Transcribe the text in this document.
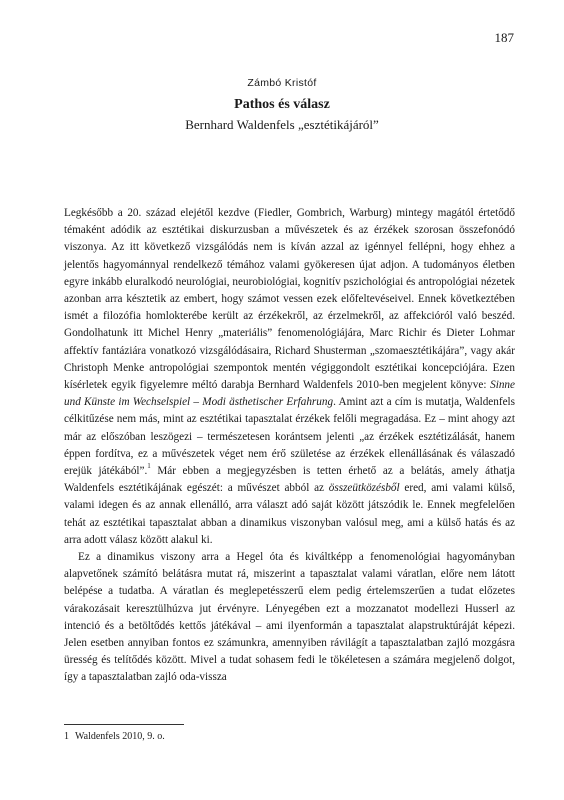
187
Zámbó Kristóf
Pathos és válasz
Bernhard Waldenfels „esztétikájáról”

Legkésőbb a 20. század elejétől kezdve (Fiedler, Gombrich, Warburg) mintegy magától értetődő témaként adódik az esztétikai diskurzusban a művészetek és az érzékek szorosan összefonódó viszonya. Az itt következő vizsgálódás nem is kíván azzal az igénnyel fellépni, hogy ehhez a jelentős hagyománnyal rendelkező témához valami gyökeresen újat adjon. A tudományos életben egyre inkább eluralkodó neurológiai, neurobiológiai, kognitív pszichológiai és antropológiai nézetek azonban arra késztetik az embert, hogy számot vessen ezek előfeltevéseivel. Ennek következtében ismét a filozófia homlokterébe került az érzékekről, az érzelmekről, az affekcióról való beszéd. Gondolhatunk itt Michel Henry „materiális” fenomenológiájára, Marc Richir és Dieter Lohmar affektív fantáziára vonatkozó vizsgálódásaira, Richard Shusterman „szomaesztétikájára”, vagy akár Christoph Menke antropológiai szempontok mentén végiggondolt esztétikai koncepciójára. Ezen kísérletek egyik figyelemre méltó darabja Bernhard Waldenfels 2010-ben megjelent könyve: Sinne und Künste im Wechselspiel – Modi ästhetischer Erfahrung. Amint azt a cím is mutatja, Waldenfels célkitűzése nem más, mint az esztétikai tapasztalat érzékek felőli megragadása. Ez – mint ahogy azt már az előszóban leszögezi – természetesen korántsem jelenti „az érzékek esztétizálását, hanem éppen fordítva, ez a művészetek véget nem érő születése az érzékek ellenállásának és válaszadó erejük játékából”.$^1$ Már ebben a megjegyzésben is tetten érhető az a belátás, amely áthatja Waldenfels esztétikájának egészét: a művészet abból az összeütközésből ered, ami valami külső, valami idegen és az annak ellenálló, arra választ adó saját között játszódik le. Ennek megfelelően tehát az esztétikai tapasztalat abban a dinamikus viszonyban valósul meg, ami a külső hatás és az arra adott válasz között alakul ki.

Ez a dinamikus viszony arra a Hegel óta és kiváltképp a fenomenológiai hagyományban alapvetőnek számító belátásra mutat rá, miszerint a tapasztalat valami váratlan, előre nem látott belépése a tudatba. A váratlan és meglepetésszerű elem pedig értelemszerűen a tudat előzetes várakozásait keresztülhúzva jut érvényre. Lényegében ezt a mozzanatot modellezi Husserl az intenció és a betöltődés kettős játékával – ami ilyenformán a tapasztalat alapstruktúráját képezi. Jelen esetben annyiban fontos ez számunkra, amennyiben rávilágít a tapasztalatban zajló mozgásra üresség és telítődés között. Mivel a tudat sohasem fedi le tökéletesen a számára megjelenő dolgot, így a tapasztalatban zajló oda-vissza

1 Waldenfels 2010, 9. o.
